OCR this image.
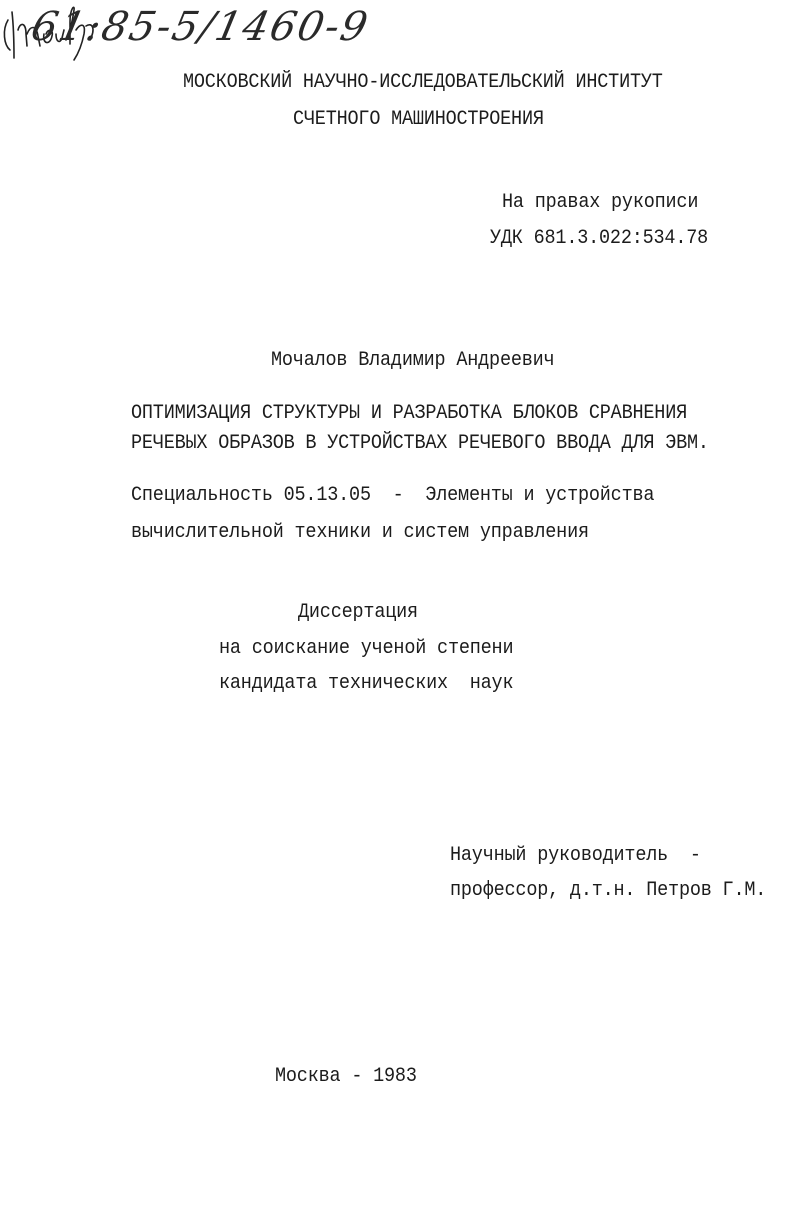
61:85-5/1460-9
МОСКОВСКИЙ НАУЧНО-ИССЛЕДОВАТЕЛЬСКИЙ ИНСТИТУТ
СЧЕТНОГО МАШИНОСТРОЕНИЯ
На правах рукописи
УДК 681.3.022:534.78
Мочалов Владимир Андреевич
ОПТИМИЗАЦИЯ СТРУКТУРЫ И РАЗРАБОТКА БЛОКОВ СРАВНЕНИЯ
РЕЧЕВЫХ ОБРАЗОВ В УСТРОЙСТВАХ РЕЧЕВОГО ВВОДА ДЛЯ ЭВМ.
Специальность 05.13.05  -  Элементы и устройства
вычислительной техники и систем управления
Диссертация
на соискание ученой степени
кандидата технических  наук
Научный руководитель  -
профессор, д.т.н. Петров Г.М.
Москва - 1983
